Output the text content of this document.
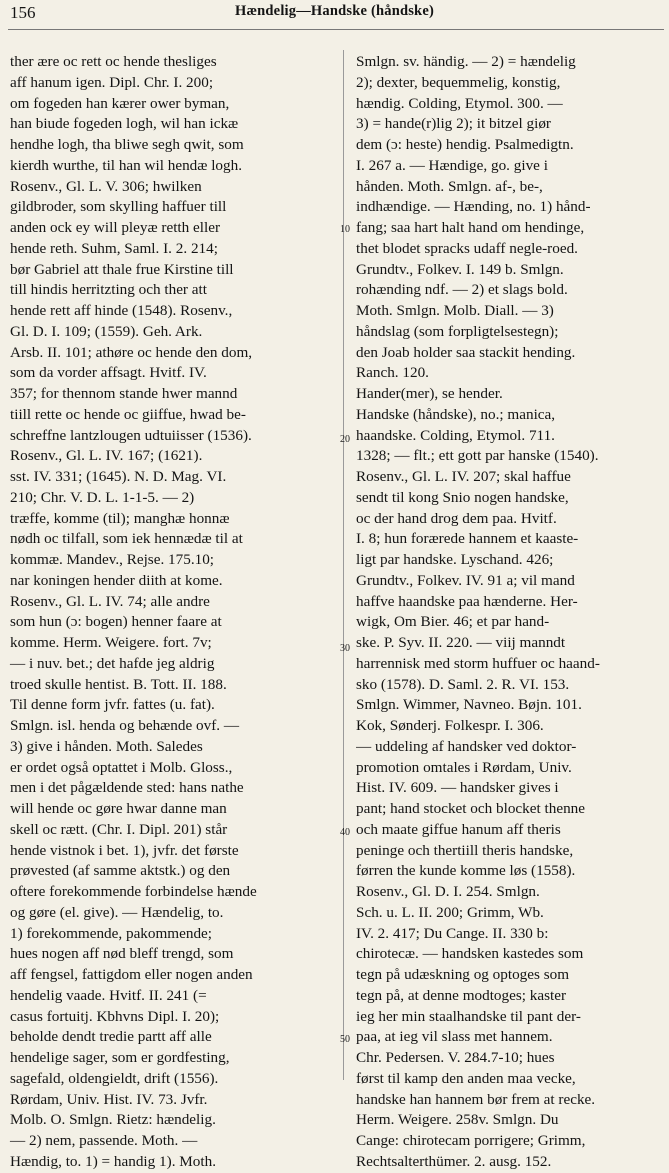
156	Hændelig—Handske (håndske)
10
20
30
40
50
ther ære oc rett oc hende thesliges
aff hanum igen. Dipl. Chr. I. 200;
om fogeden han kærer ower byman,
han biude fogeden logh, wil han ickæ
hendhe logh, tha bliwe segh qwit, som
kierdh wurthe, til han wil hendæ logh.
Rosenv., Gl. L. V. 306; hwilken
gildbroder, som skylling haffuer till
anden ock ey will pleyæ retth eller
hende reth. Suhm, Saml. I. 2. 214;
bør Gabriel att thale frue Kirstine till
till hindis herritzting och ther att
hende rett aff hinde (1548). Rosenv.,
Gl. D. I. 109; (1559). Geh. Ark.
Arsb. II. 101; athøre oc hende den dom,
som da vorder affsagt. Hvitf. IV.
357; for thennom stande hwer mannd
tiill rette oc hende oc giiffue, hwad be-
schreffne lantzlougen udtuiisser (1536).
Rosenv., Gl. L. IV. 167; (1621).
sst. IV. 331; (1645). N. D. Mag. VI.
210; Chr. V. D. L. 1-1-5. — 2)
træffe, komme (til); manghæ honnæ
nødh oc tilfall, som iek hennædæ til at
kommæ. Mandev., Rejse. 175.10;
nar koningen hender diith at kome.
Rosenv., Gl. L. IV. 74; alle andre
som hun (ɔ: bogen) henner faare at
komme. Herm. Weigere. fort. 7v;
— i nuv. bet.; det hafde jeg aldrig
troed skulle hentist. B. Tott. II. 188.
Til denne form jvfr. fattes (u. fat).
Smlgn. isl. henda og behænde ovf. —
3) give i hånden. Moth. Saledes
er ordet også optattet i Molb. Gloss.,
men i det pågældende sted: hans nathe
will hende oc gøre hwar danne man
skell oc rætt. (Chr. I. Dipl. 201) står
hende vistnok i bet. 1), jvfr. det første
prøvested (af samme aktstk.) og den
oftere forekommende forbindelse hænde
og gøre (el. give). — Hændelig, to.
1) forekommende, pakommende;
hues nogen aff nød bleff trengd, som
aff fengsel, fattigdom eller nogen anden
hendelig vaade. Hvitf. II. 241 (=
casus fortuitj. Kbhvns Dipl. I. 20);
beholde dendt tredie partt aff alle
hendelige sager, som er gordfesting,
sagefald, oldengieldt, drift (1556).
Rørdam, Univ. Hist. IV. 73. Jvfr.
Molb. O. Smlgn. Rietz: hændelig.
— 2) nem, passende. Moth. —
Hændig, to. 1) = handig 1). Moth.
Smlgn. sv. händig. — 2) = hændelig
2); dexter, bequemmelig, konstig,
hændig. Colding, Etymol. 300. —
3) = hande(r)lig 2); it bitzel giør
dem (ɔ: heste) hendig. Psalmedigtn.
I. 267 a. — Hændige, go. give i
hånden. Moth. Smlgn. af-, be-,
indhændige. — Hænding, no. 1) hånd-
fang; saa hart halt hand om hendinge,
thet blodet spracks udaff negle-roed.
Grundtv., Folkev. I. 149 b. Smlgn.
rohænding ndf. — 2) et slags bold.
Moth. Smlgn. Molb. Diall. — 3)
håndslag (som forpligtelsestegn);
den Joab holder saa stackit hending.
Ranch. 120.
Hander(mer), se hender.
Handske (håndske), no.; manica,
haandske. Colding, Etymol. 711.
1328; — flt.; ett gott par hanske (1540).
Rosenv., Gl. L. IV. 207; skal haffue
sendt til kong Snio nogen handske,
oc der hand drog dem paa. Hvitf.
I. 8; hun forærede hannem et kaaste-
ligt par handske. Lyschand. 426;
Grundtv., Folkev. IV. 91 a; vil mand
haffve haandske paa hænderne. Her-
wigk, Om Bier. 46; et par hand-
ske. P. Syv. II. 220. — viij manndt
harrennisk med storm huffuer oc haand-
sko (1578). D. Saml. 2. R. VI. 153.
Smlgn. Wimmer, Navneo. Bøjn. 101.
Kok, Sønderj. Folkespr. I. 306.
— uddeling af handsker ved doktor-
promotion omtales i Rørdam, Univ.
Hist. IV. 609. — handsker gives i
pant; hand stocket och blocket thenne
och maate giffue hanum aff theris
peninge och thertiill theris handske,
førren the kunde komme løs (1558).
Rosenv., Gl. D. I. 254. Smlgn.
Sch. u. L. II. 200; Grimm, Wb.
IV. 2. 417; Du Cange. II. 330 b:
chirotecæ. — handsken kastedes som
tegn på udæskning og optoges som
tegn på, at denne modtoges; kaster
ieg her min staalhandske til pant der-
paa, at ieg vil slass met hannem.
Chr. Pedersen. V. 284.7-10; hues
først til kamp den anden maa vecke,
handske han hannem bør frem at recke.
Herm. Weigere. 258v. Smlgn. Du
Cange: chirotecam porrigere; Grimm,
Rechtsalterthümer. 2. ausg. 152.
